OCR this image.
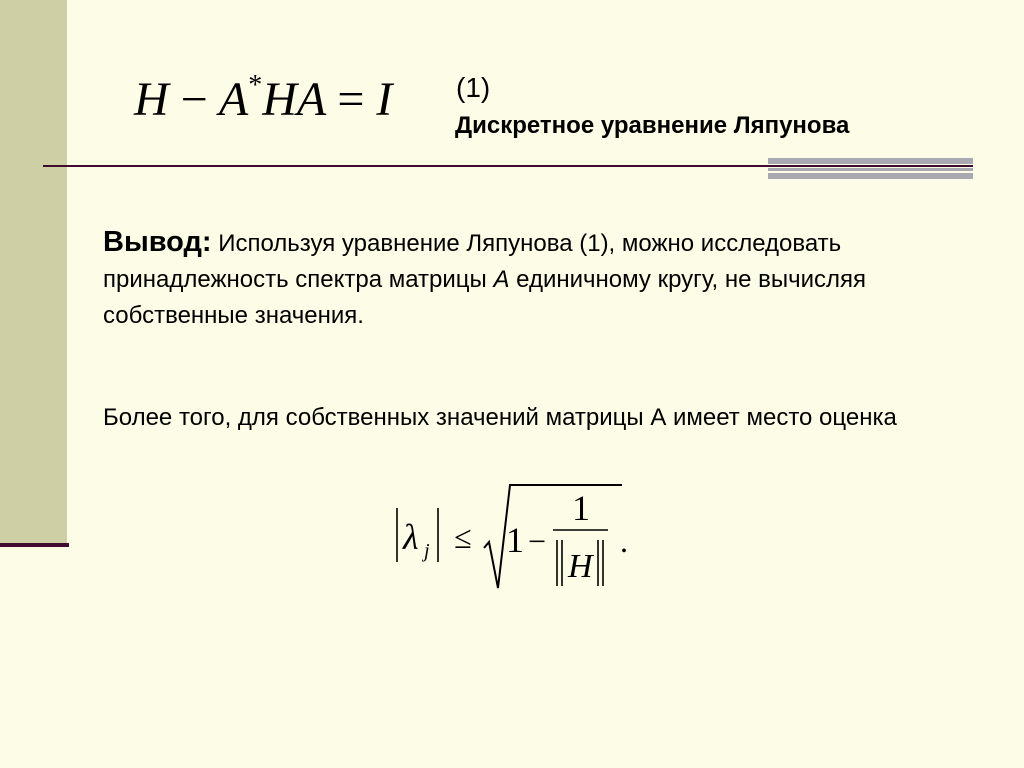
H − A*HA = I	(1)
Дискретное уравнение Ляпунова
Вывод: Используя уравнение Ляпунова (1), можно исследовать принадлежность спектра матрицы A единичному кругу, не вычисляя собственные значения.
Более того, для собственных значений матрицы А имеет место оценка
λ j ≤ 1 −
1
H
.
